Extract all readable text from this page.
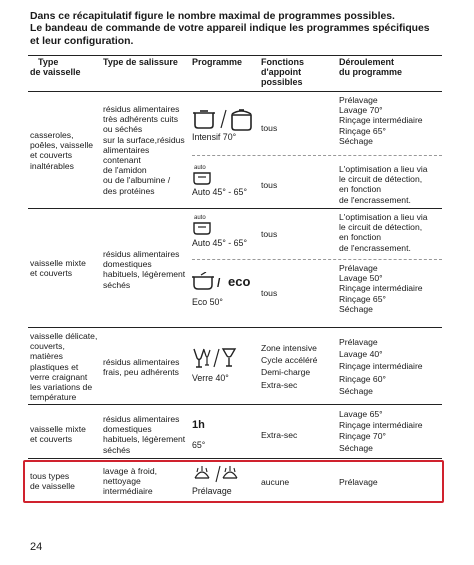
Dans ce récapitulatif figure le nombre maximal de programmes possibles.
Le bandeau de commande de votre appareil indique les programmes spécifiques
et leur configuration.
Type
de vaisselle
Type de salissure Programme Fonctions
d'appoint
possibles
Déroulement
du programme
casseroles,
poêles, vaisselle
et couverts
inaltérables
résidus alimentaires
très adhérents cuits
ou séchés
sur la surface,résidus
alimentaires
contenant
de l'amidon
ou de l'albumine /
des protéines
Intensif 70°
tous
Prélavage
Lavage 70°
Rinçage intermédiaire
Rinçage 65°
Séchage
auto
Auto 45° - 65°
tous
L'optimisation a lieu via
le circuit de détection,
en fonction
de l'encrassement.
vaisselle mixte
et couverts
résidus alimentaires
domestiques
habituels, légèrement
séchés
auto
Auto 45° - 65°
tous
L'optimisation a lieu via
le circuit de détection,
en fonction
de l'encrassement.
/ eco
Eco 50°
tous
Prélavage
Lavage 50°
Rinçage intermédiaire
Rinçage 65°
Séchage
vaisselle délicate,
couverts,
matières
plastiques et
verre craignant
les variations de
température
résidus alimentaires
frais, peu adhérents
Verre 40°
Zone intensive
Cycle accéléré
Demi-charge
Extra-sec
Prélavage
Lavage 40°
Rinçage intermédiaire
Rinçage 60°
Séchage
vaisselle mixte
et couverts
résidus alimentaires
domestiques
habituels, légèrement
séchés
1h
65°
Extra-sec
Lavage 65°
Rinçage intermédiaire
Rinçage 70°
Séchage
tous types
de vaisselle
lavage à froid,
nettoyage
intermédiaire	Prélavage
aucune	Prélavage
24
